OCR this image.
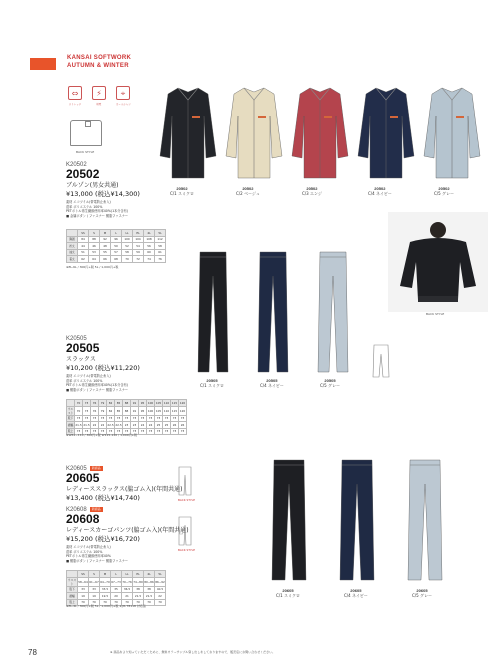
KANSAI SOFTWORK
AUTUMN & WINTER
⇔
ストレッチ
⚡
帯電
⌖
オールシャツ
BACK STYLE
K20502
20502
ブルゾン(男女共通)
¥13,000 (税込¥14,300)
素材 エコツイル(帯電防止糸入)
混率 ポリエステル 100%
PETボトル再生繊維使用率40%(1本分含有)
■ 金属ボタン / ファスナー 樹脂ファスナー
	SS	S	M	L	LL	EL	4L	5L
胸囲	84	88	92	96	100	104	108	112
裄丈	44	46	48	50	52	54	56	58
袖丈	51	53	55	57	58	59	60	61
着丈	62	64	66	68	70	72	74	76
※EL-6L / 300円+税 5L / 1,000円+税
20502
C/1 スミクロ
20502
C/2 ベージュ
20502
C/3 エンジ
20502
C/4 ネイビー
20502
C/5 グレー
BACK STYLE
K20505
20505
スラックス
¥10,200 (税込¥11,220)
素材 エコツイル(帯電防止糸入)
混率 ポリエステル 100%
PETボトル再生繊維使用率40%(1本分含有)
■ 樹脂ボタン / ファスナー 樹脂ファスナー
	70	73	76	79	82	85	88	91	95	100	105	110	115	120
ウエスト	70	73	76	79	82	85	88	91	95	100	105	110	115	120
股下	73	73	73	73	73	73	73	73	73	73	73	73	73	73
裾幅	21.5	21.5	22	22	22.5	22.5	23	23	24	24	25	25	26	26
股上	73	73	73	73	73	73	73	73	73	73	73	73	73	73
※W61~110 / 300円+税 W115-120 / 1,000円+税
20505
C/1 スミクロ
20505
C/4 ネイビー
20505
C/5 グレー
K20605 新商品
20605
レディーススラックス(脇ゴム入)(年間共通)
¥13,400 (税込¥14,740)
K20608 新商品
20608
レディースカーゴパンツ(脇ゴム入)(年間共通)
¥15,200 (税込¥16,720)
素材 エコツイル(帯電防止糸入)
混率 ポリエステル 100%
PETボトル再生繊維使用率40%
■ 樹脂ボタン / ファスナー 樹脂ファスナー
	SS	S	M	L	LL	EL	4L	5L
ウエスト	58~64	61~67	64~70	67~73	70~76	74~80	80~86	86~92
股下	33	33	33.5	35	36.5	38	38	40.5
裾幅	19	19	19.5	20	21	21.5	21.5	22
股上	70	70	70	70	70	70	70	70
※EL-4L / 300円+税 5L / 1,000円+税 ※JIS T8118 対応品
BACK STYLE
BACK STYLE
20605
C/1 スミクロ
20605
C/4 ネイビー
20605
C/5 グレー
78	※ 商品をより知っていただくために、無料カラーサンプル貸し出しをしておりますので、販売店にお問い合わせください。
